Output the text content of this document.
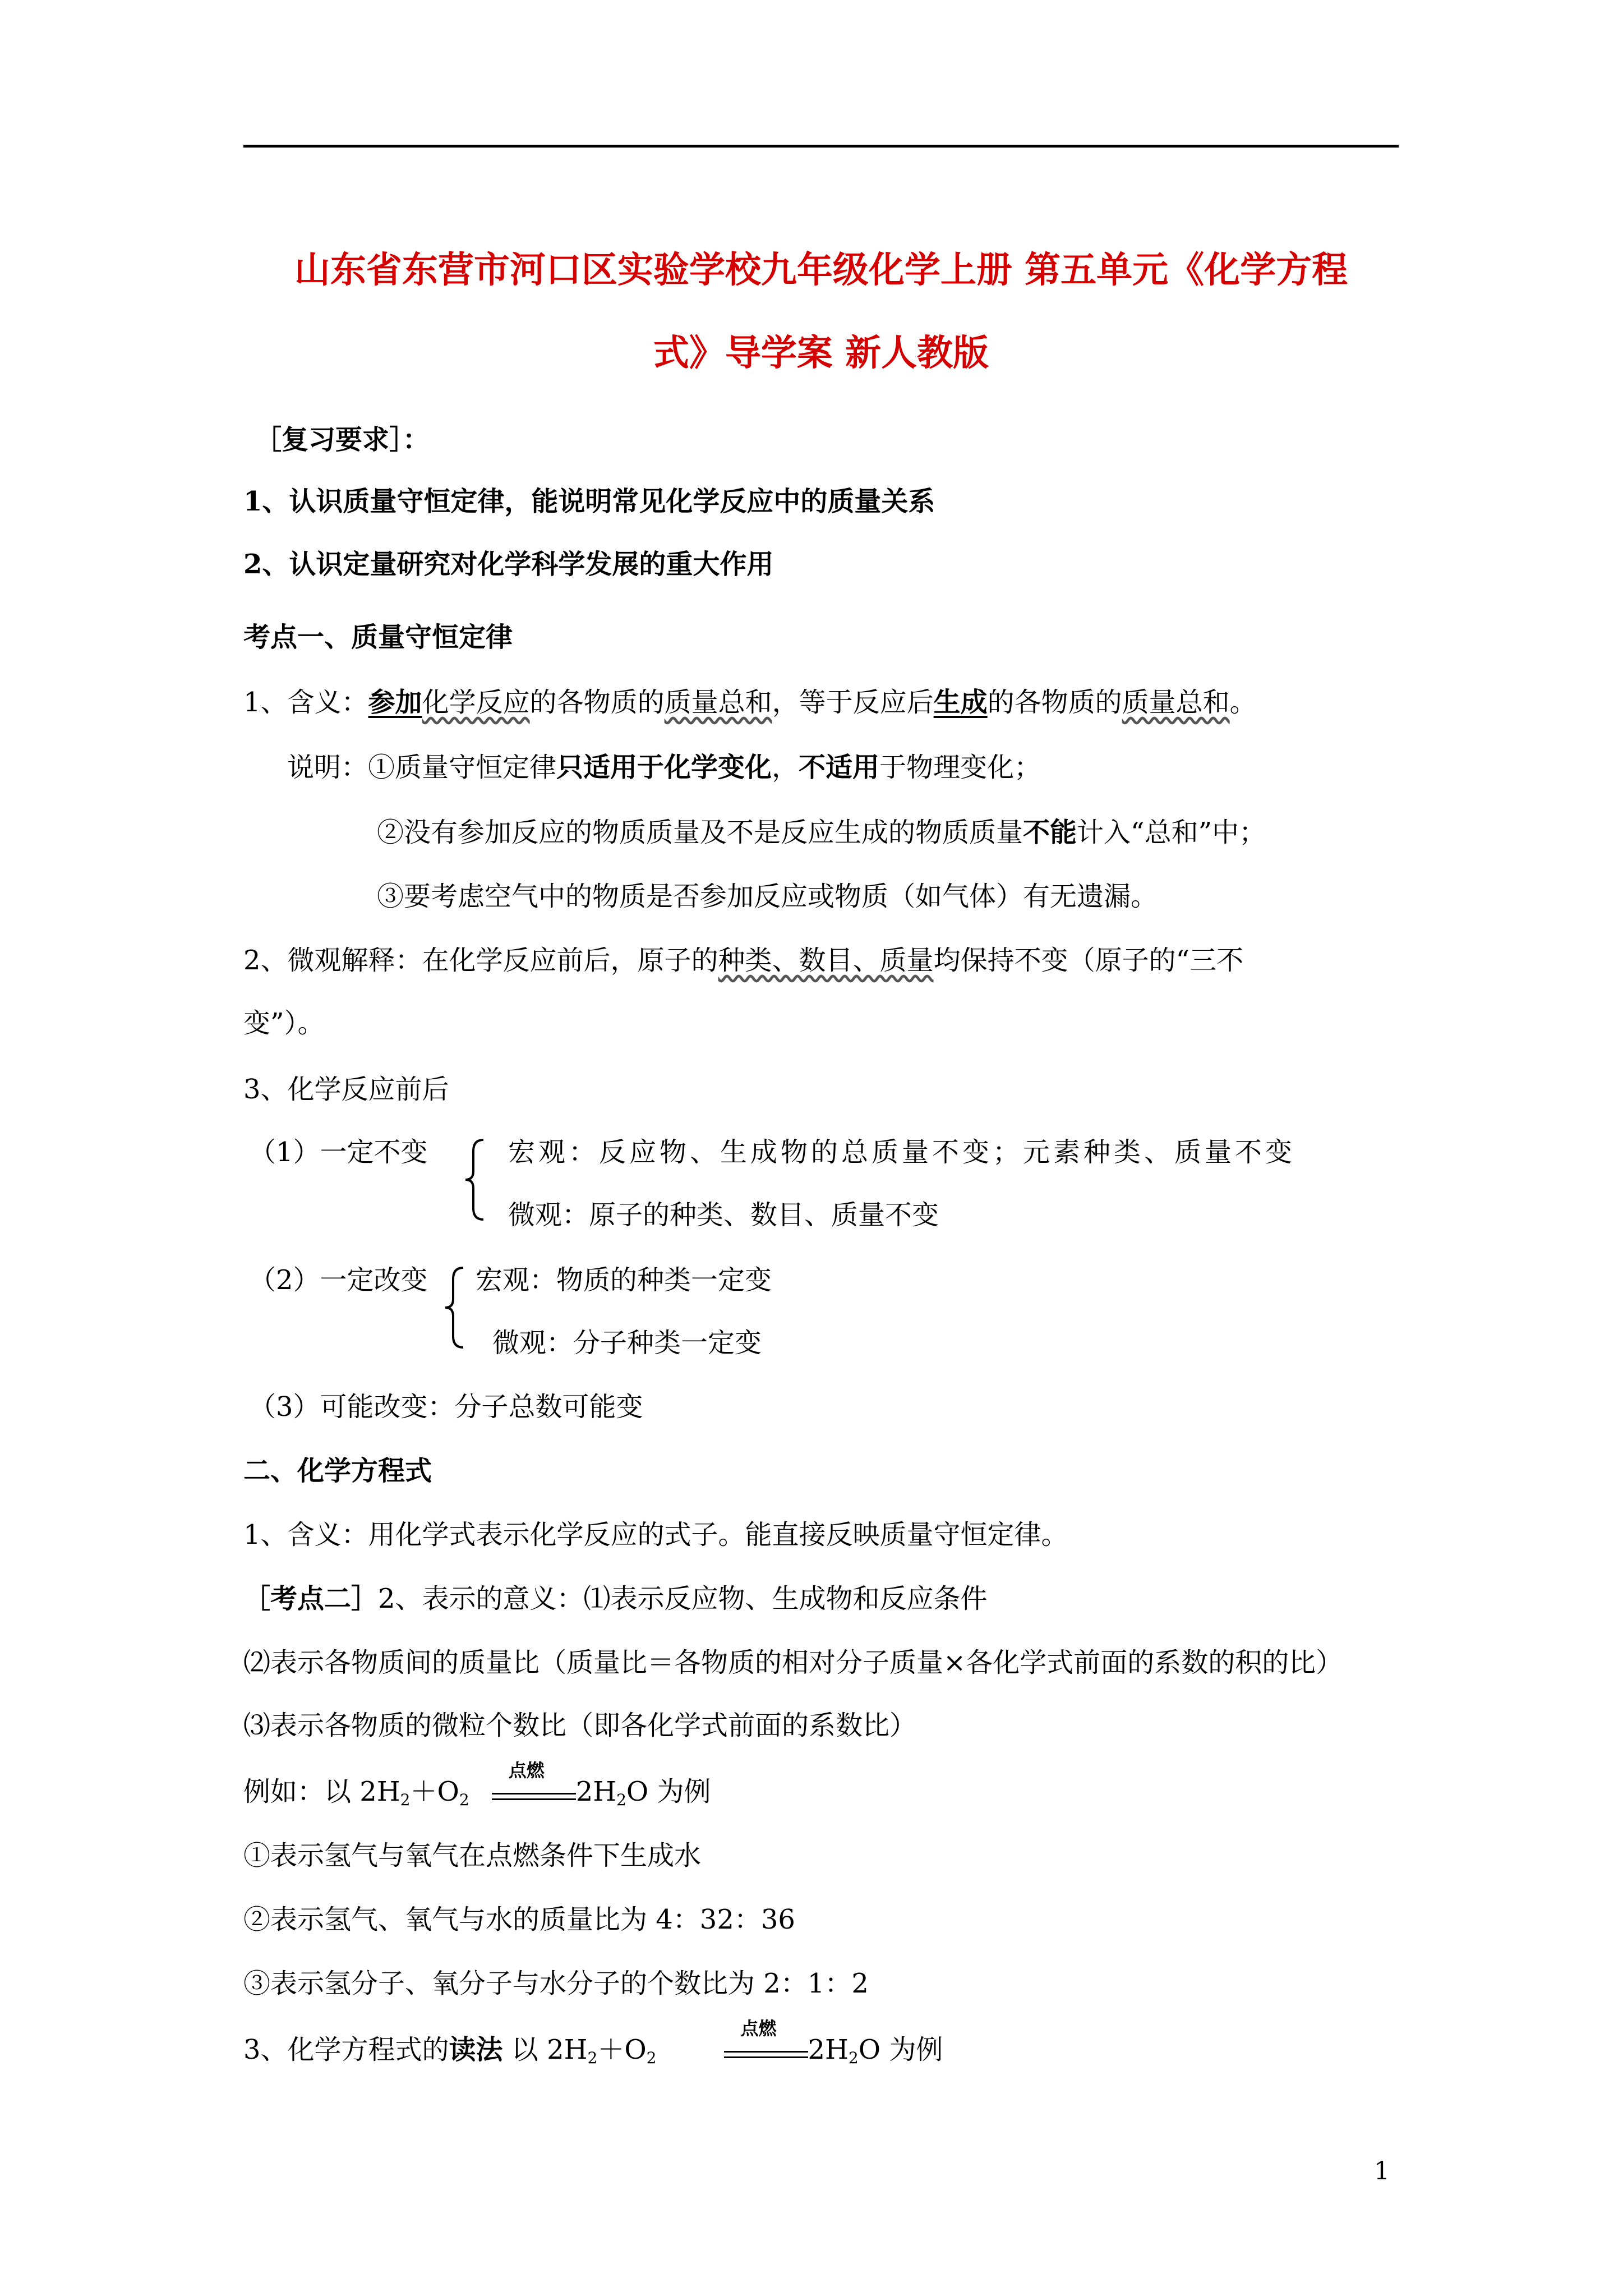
山东省东营市河口区实验学校九年级化学上册 第五单元《化学方程
式》导学案 新人教版
［复习要求］：
1、认识质量守恒定律，能说明常见化学反应中的质量关系
2、认识定量研究对化学科学发展的重大作用
考点一、质量守恒定律
1、含义：参加化学反应的各物质的质量总和，等于反应后生成的各物质的质量总和。
说明：①质量守恒定律只适用于化学变化，不适用于物理变化；
②没有参加反应的物质质量及不是反应生成的物质质量不能计入“总和”中；
③要考虑空气中的物质是否参加反应或物质（如气体）有无遗漏。
2、微观解释：在化学反应前后，原子的种类、数目、质量均保持不变（原子的“三不
变”）。
3、化学反应前后
（1）一定不变	宏观：反应物、生成物的总质量不变；元素种类、质量不变
微观：原子的种类、数目、质量不变
（2）一定改变 宏观：物质的种类一定变
微观：分子种类一定变
（3）可能改变：分子总数可能变
二、化学方程式
1、含义：用化学式表示化学反应的式子。能直接反映质量守恒定律。
［考点二］2、表示的意义：⑴表示反应物、生成物和反应条件
⑵表示各物质间的质量比（质量比＝各物质的相对分子质量×各化学式前面的系数的积的比）
⑶表示各物质的微粒个数比（即各化学式前面的系数比）
例如：以 $2H_2+O_2$
点燃
$2H_2O$ 为例
①表示氢气与氧气在点燃条件下生成水
②表示氢气、氧气与水的质量比为 4：32：36
③表示氢分子、氧分子与水分子的个数比为 2：1：2
3、化学方程式的读法 以 $2H_2+O_2$
点燃
$2H_2O$ 为例
1
